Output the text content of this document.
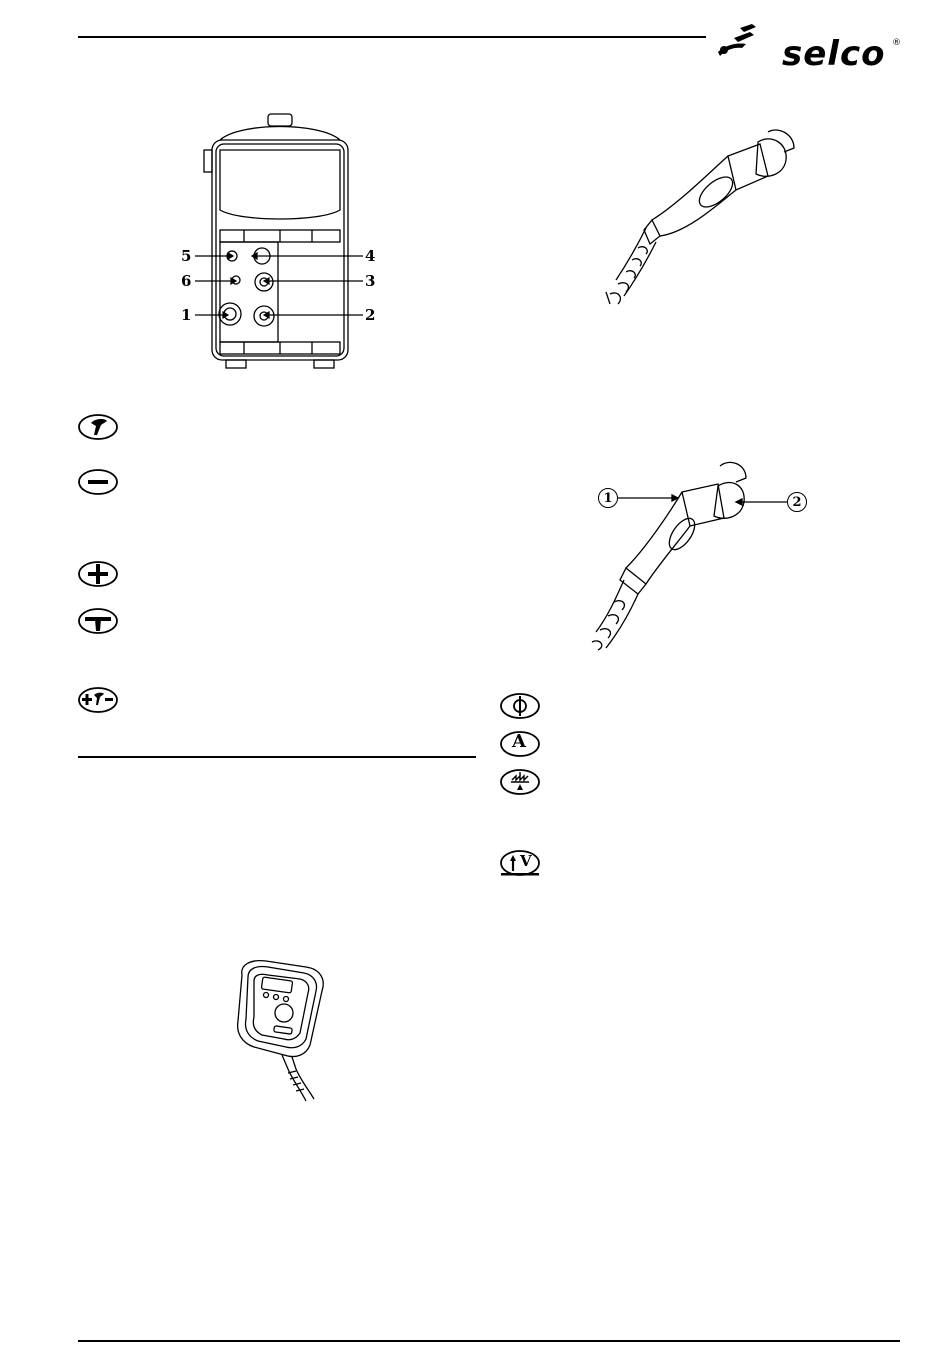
selco ®
5	4
6	3
1	2
1	2
A
V
